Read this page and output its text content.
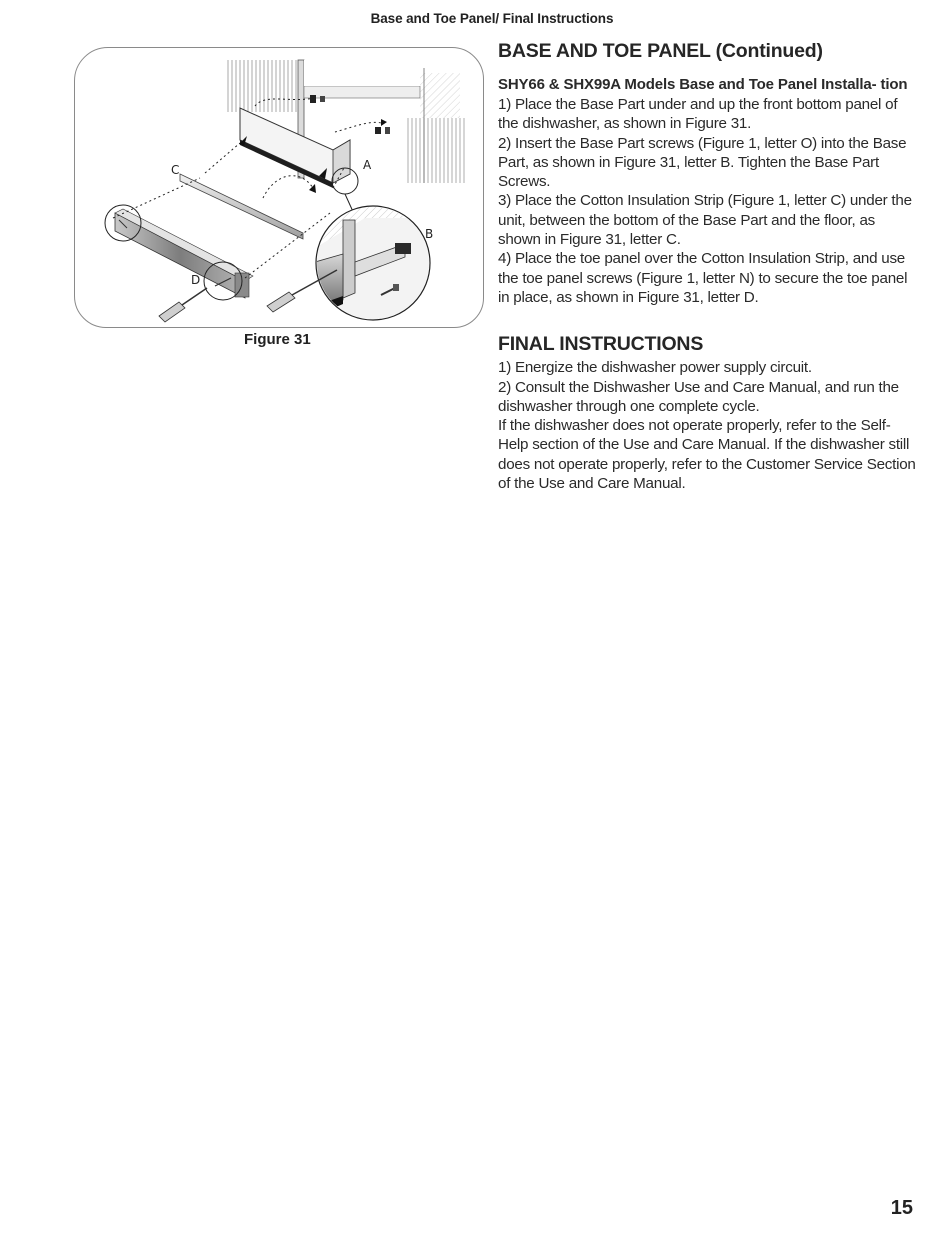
Base and Toe Panel/ Final Instructions
C	A
B
D
Figure 31
BASE AND TOE PANEL (Continued)
SHY66 & SHX99A Models Base and Toe Panel Installa- tion

1) Place the Base Part under and up the front bottom panel of the dishwasher, as shown in Figure 31.

2) Insert the Base Part screws (Figure 1, letter O) into the Base Part, as shown in Figure 31, letter B. Tighten the Base Part Screws.

3) Place the Cotton Insulation Strip (Figure 1, letter C) under the unit, between the bottom of the Base Part and the floor, as shown in Figure 31, letter C.

4) Place the toe panel over the Cotton Insulation Strip, and use the toe panel screws (Figure 1, letter N) to secure the toe panel in place, as shown in Figure 31, letter D.

FINAL INSTRUCTIONS

1) Energize the dishwasher power supply circuit.

2) Consult the Dishwasher Use and Care Manual, and run the dishwasher through one complete cycle.

If the dishwasher does not operate properly, refer to the Self-Help section of the Use and Care Manual. If the dishwasher still does not operate properly, refer to the Customer Service Section of the Use and Care Manual.

15
